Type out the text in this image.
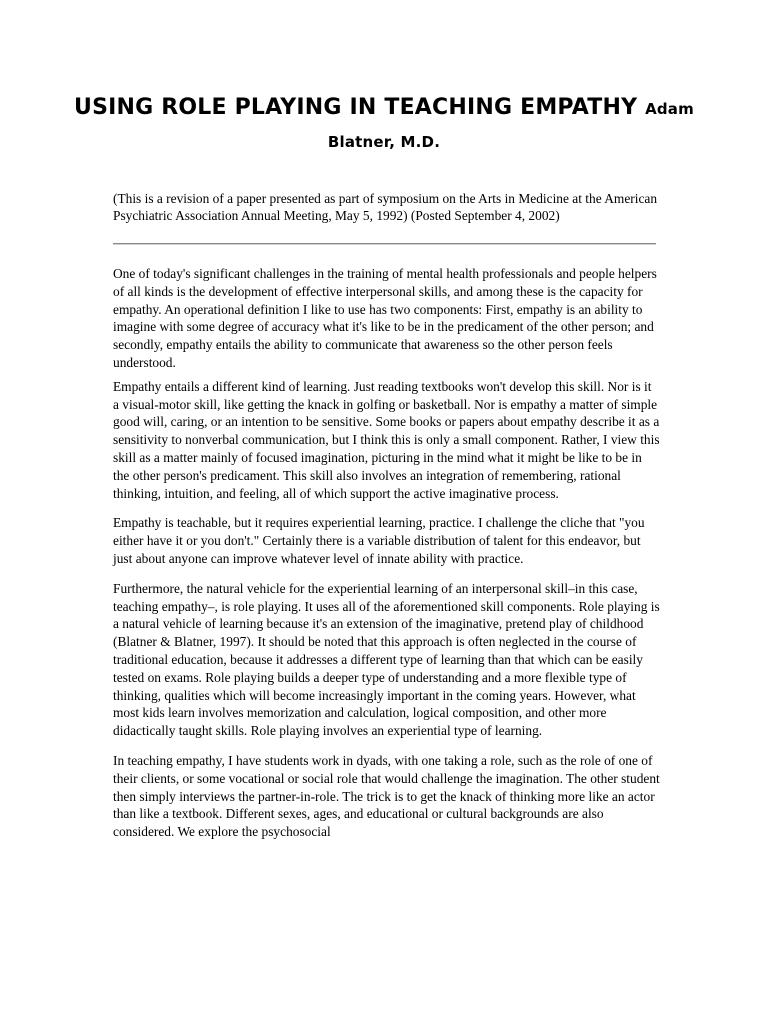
USING ROLE PLAYING IN TEACHING EMPATHY Adam Blatner, M.D.
(This is a revision of a paper presented as part of symposium on the Arts in Medicine at the American Psychiatric Association Annual Meeting, May 5, 1992) (Posted September 4, 2002)

One of today's significant challenges in the training of mental health professionals and people helpers of all kinds is the development of effective interpersonal skills, and among these is the capacity for empathy. An operational definition I like to use has two components: First, empathy is an ability to imagine with some degree of accuracy what it's like to be in the predicament of the other person; and secondly, empathy entails the ability to communicate that awareness so the other person feels understood.

Empathy entails a different kind of learning. Just reading textbooks won't develop this skill. Nor is it a visual-motor skill, like getting the knack in golfing or basketball. Nor is empathy a matter of simple good will, caring, or an intention to be sensitive. Some books or papers about empathy describe it as a sensitivity to nonverbal communication, but I think this is only a small component. Rather, I view this skill as a matter mainly of focused imagination, picturing in the mind what it might be like to be in the other person's predicament. This skill also involves an integration of remembering, rational thinking, intuition, and feeling, all of which support the active imaginative process.

Empathy is teachable, but it requires experiential learning, practice. I challenge the cliche that "you either have it or you don't." Certainly there is a variable distribution of talent for this endeavor, but just about anyone can improve whatever level of innate ability with practice.

Furthermore, the natural vehicle for the experiential learning of an interpersonal skill–in this case, teaching empathy–, is role playing. It uses all of the aforementioned skill components. Role playing is a natural vehicle of learning because it's an extension of the imaginative, pretend play of childhood (Blatner & Blatner, 1997). It should be noted that this approach is often neglected in the course of traditional education, because it addresses a different type of learning than that which can be easily tested on exams. Role playing builds a deeper type of understanding and a more flexible type of thinking, qualities which will become increasingly important in the coming years. However, what most kids learn involves memorization and calculation, logical composition, and other more didactically taught skills. Role playing involves an experiential type of learning.

In teaching empathy, I have students work in dyads, with one taking a role, such as the role of one of their clients, or some vocational or social role that would challenge the imagination. The other student then simply interviews the partner-in-role. The trick is to get the knack of thinking more like an actor than like a textbook. Different sexes, ages, and educational or cultural backgrounds are also considered. We explore the psychosocial
